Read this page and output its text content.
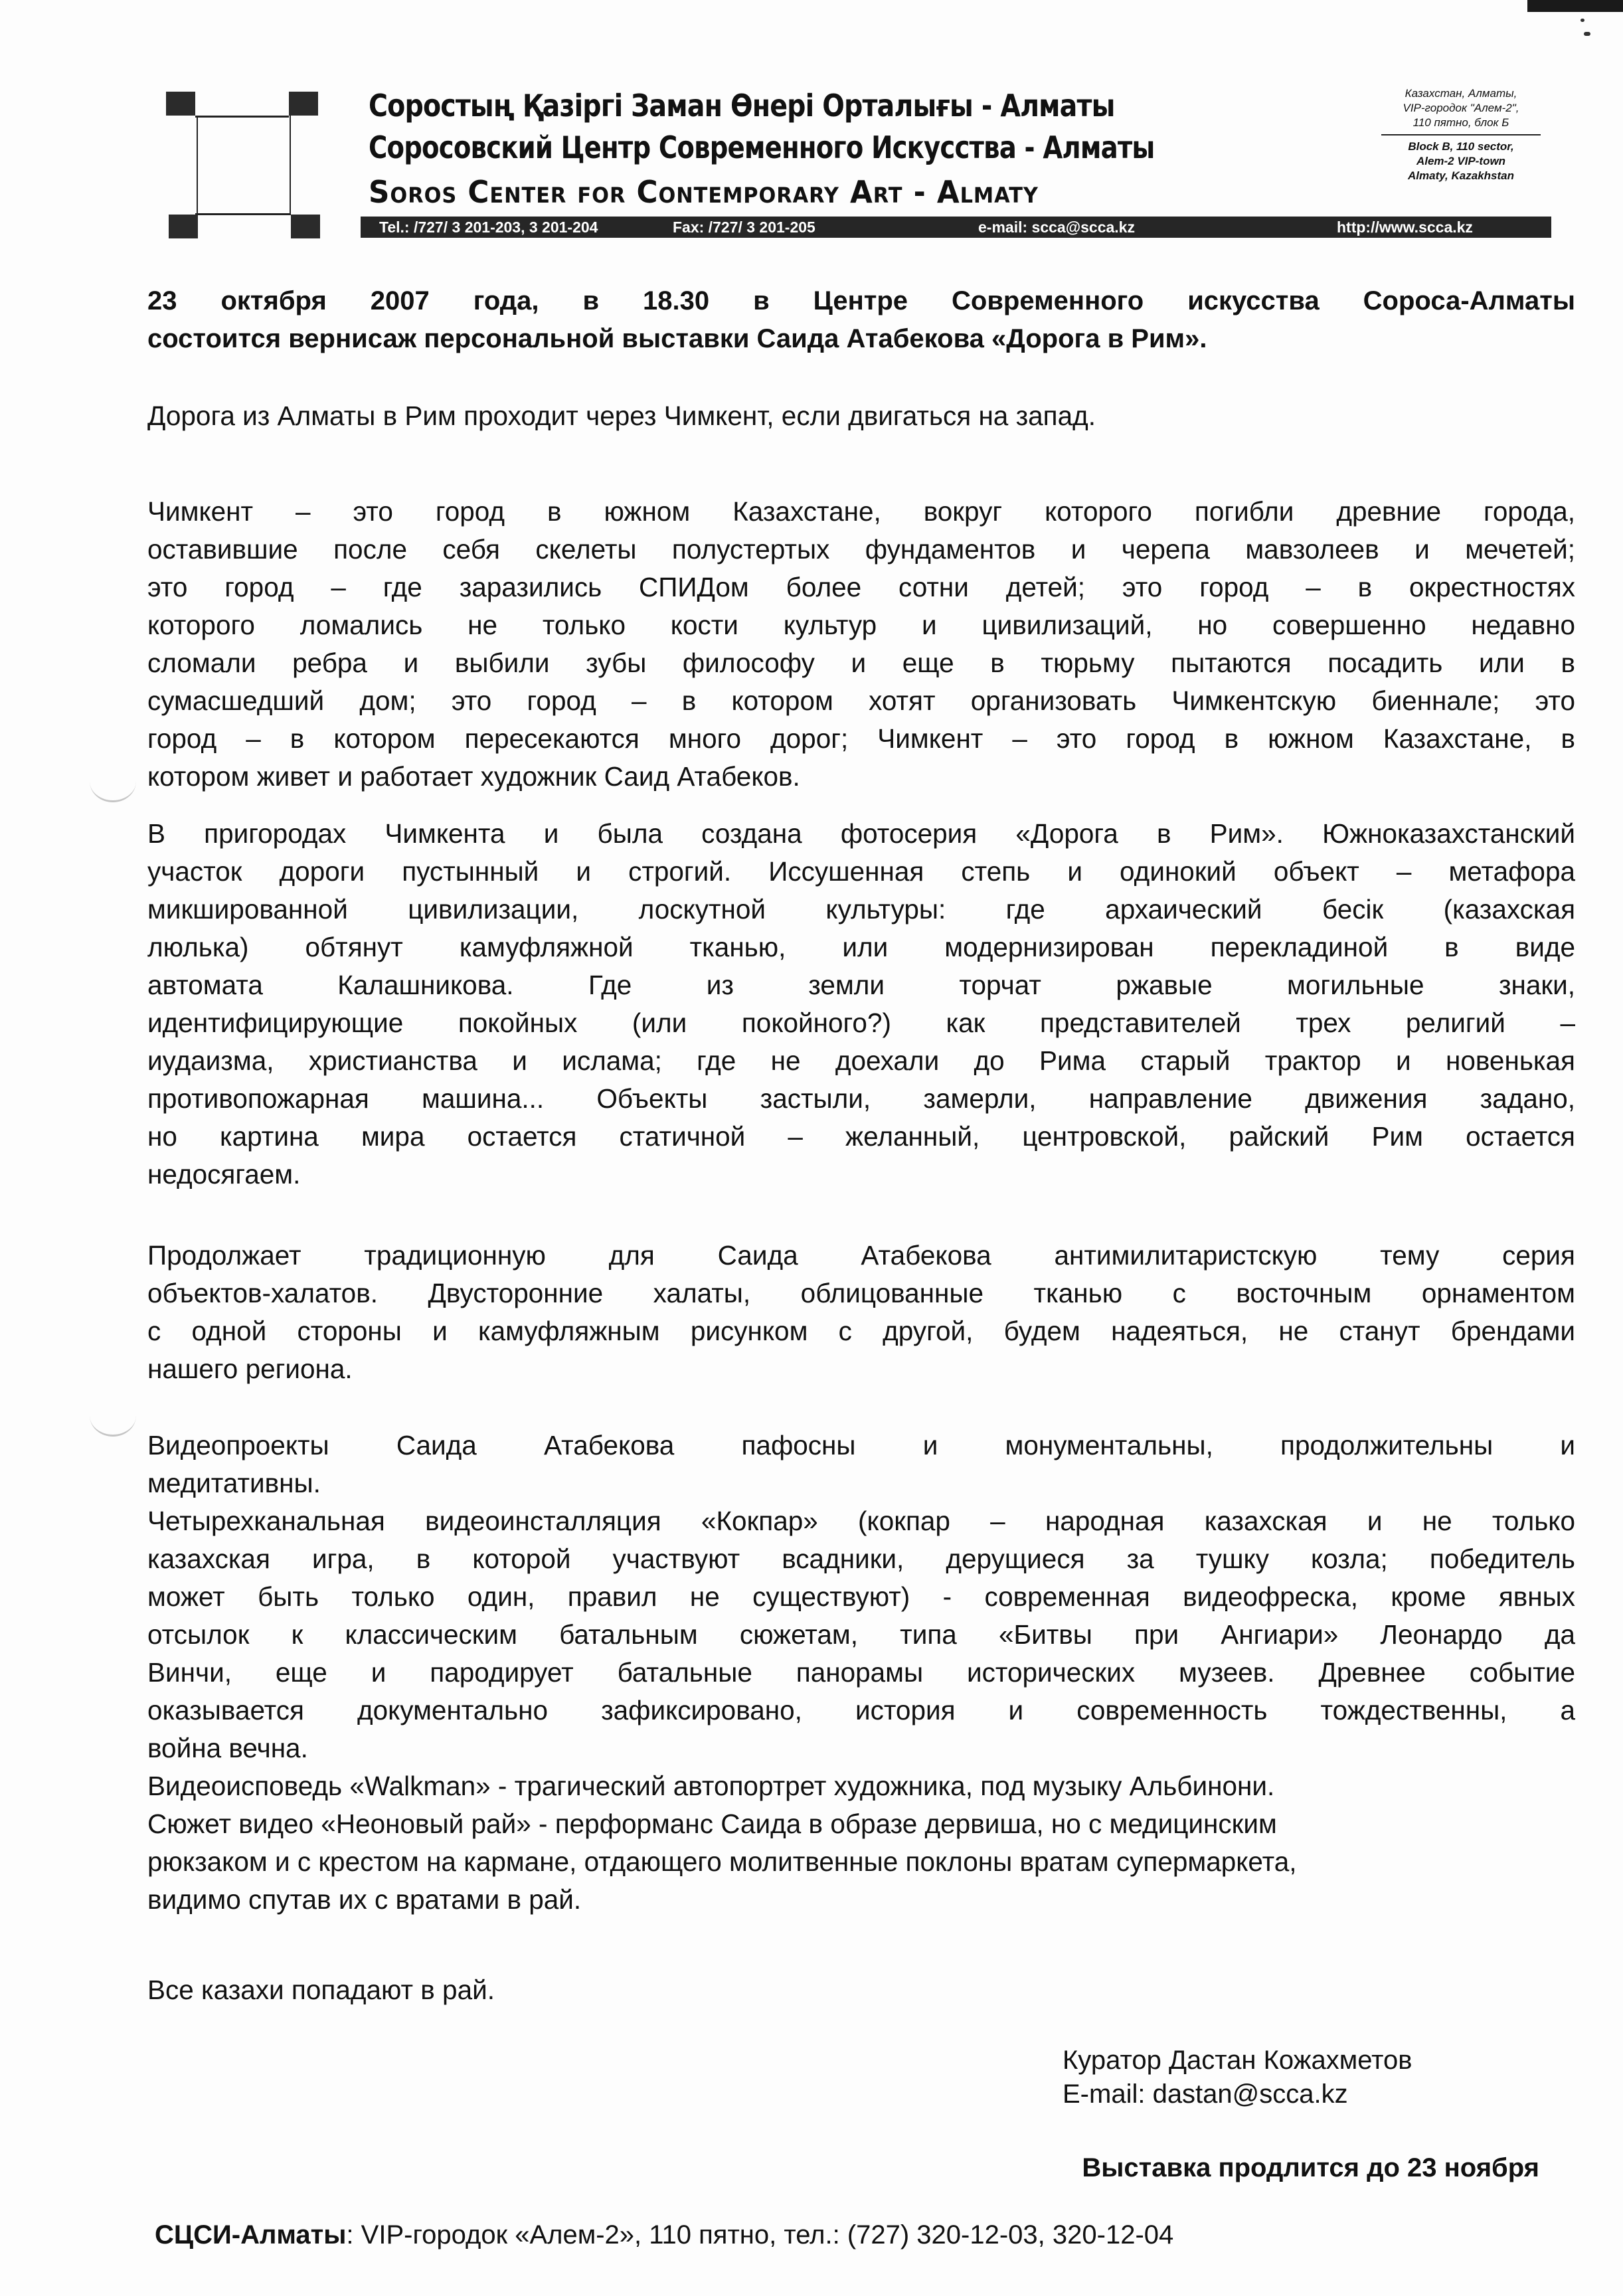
Соростың Қазіргі Заман Өнері Орталығы - Алматы
Соросовский Центр Современного Искусства - Алматы
Soros Center for Contemporary Art - Almaty
Казахстан, Алматы,
VIP-городок "Алем-2",
110 пятно, блок Б
Block B, 110 sector,
Alem-2 VIP-town
Almaty, Kazakhstan
Tel.: /727/ 3 201-203, 3 201-204	Fax: /727/ 3 201-205	e-mail: scca@scca.kz	http://www.scca.kz
23 октября 2007 года, в 18.30 в Центре Современного искусства Сороса-Алматы
состоится вернисаж персональной выставки Саида Атабекова «Дорога в Рим».
Дорога из Алматы в Рим проходит через Чимкент, если двигаться на запад.
Чимкент – это город в южном Казахстане, вокруг которого погибли древние города,
оставившие после себя скелеты полустертых фундаментов и черепа мавзолеев и мечетей;
это город – где заразились СПИДом более сотни детей; это город – в окрестностях
которого ломались не только кости культур и цивилизаций, но совершенно недавно
сломали ребра и выбили зубы философу и еще в тюрьму пытаются посадить или в
сумасшедший дом; это город – в котором хотят организовать Чимкентскую биеннале; это
город – в котором пересекаются много дорог; Чимкент – это город в южном Казахстане, в
котором живет и работает художник Саид Атабеков.
В пригородах Чимкента и была создана фотосерия «Дорога в Рим». Южноказахстанский
участок дороги пустынный и строгий. Иссушенная степь и одинокий объект – метафора
микшированной цивилизации, лоскутной культуры: где архаический бесік (казахская
люлька) обтянут камуфляжной тканью, или модернизирован перекладиной в виде
автомата Калашникова. Где из земли торчат ржавые могильные знаки,
идентифицирующие покойных (или покойного?) как представителей трех религий –
иудаизма, христианства и ислама; где не доехали до Рима старый трактор и новенькая
противопожарная машина... Объекты застыли, замерли, направление движения задано,
но картина мира остается статичной – желанный, центровской, райский Рим остается
недосягаем.
Продолжает традиционную для Саида Атабекова антимилитаристскую тему серия
объектов-халатов. Двусторонние халаты, облицованные тканью с восточным орнаментом
с одной стороны и камуфляжным рисунком с другой, будем надеяться, не станут брендами
нашего региона.
Видеопроекты Саида Атабекова пафосны и монументальны, продолжительны и
медитативны.
Четырехканальная видеоинсталляция «Кокпар» (кокпар – народная казахская и не только
казахская игра, в которой участвуют всадники, дерущиеся за тушку козла; победитель
может быть только один, правил не существуют) - современная видеофреска, кроме явных
отсылок к классическим батальным сюжетам, типа «Битвы при Ангиари» Леонардо да
Винчи, еще и пародирует батальные панорамы исторических музеев. Древнее событие
оказывается документально зафиксировано, история и современность тождественны, а
война вечна.
Видеоисповедь «Walkman» - трагический автопортрет художника, под музыку Альбинони.
Сюжет видео «Неоновый рай» - перформанс Саида в образе дервиша, но с медицинским
рюкзаком и с крестом на кармане, отдающего молитвенные поклоны вратам супермаркета,
видимо спутав их с вратами в рай.
Все казахи попадают в рай.
Куратор Дастан Кожахметов
E-mail: dastan@scca.kz
Выставка продлится до 23 ноября
СЦСИ-Алматы: VIP-городок «Алем-2», 110 пятно, тел.: (727) 320-12-03, 320-12-04
